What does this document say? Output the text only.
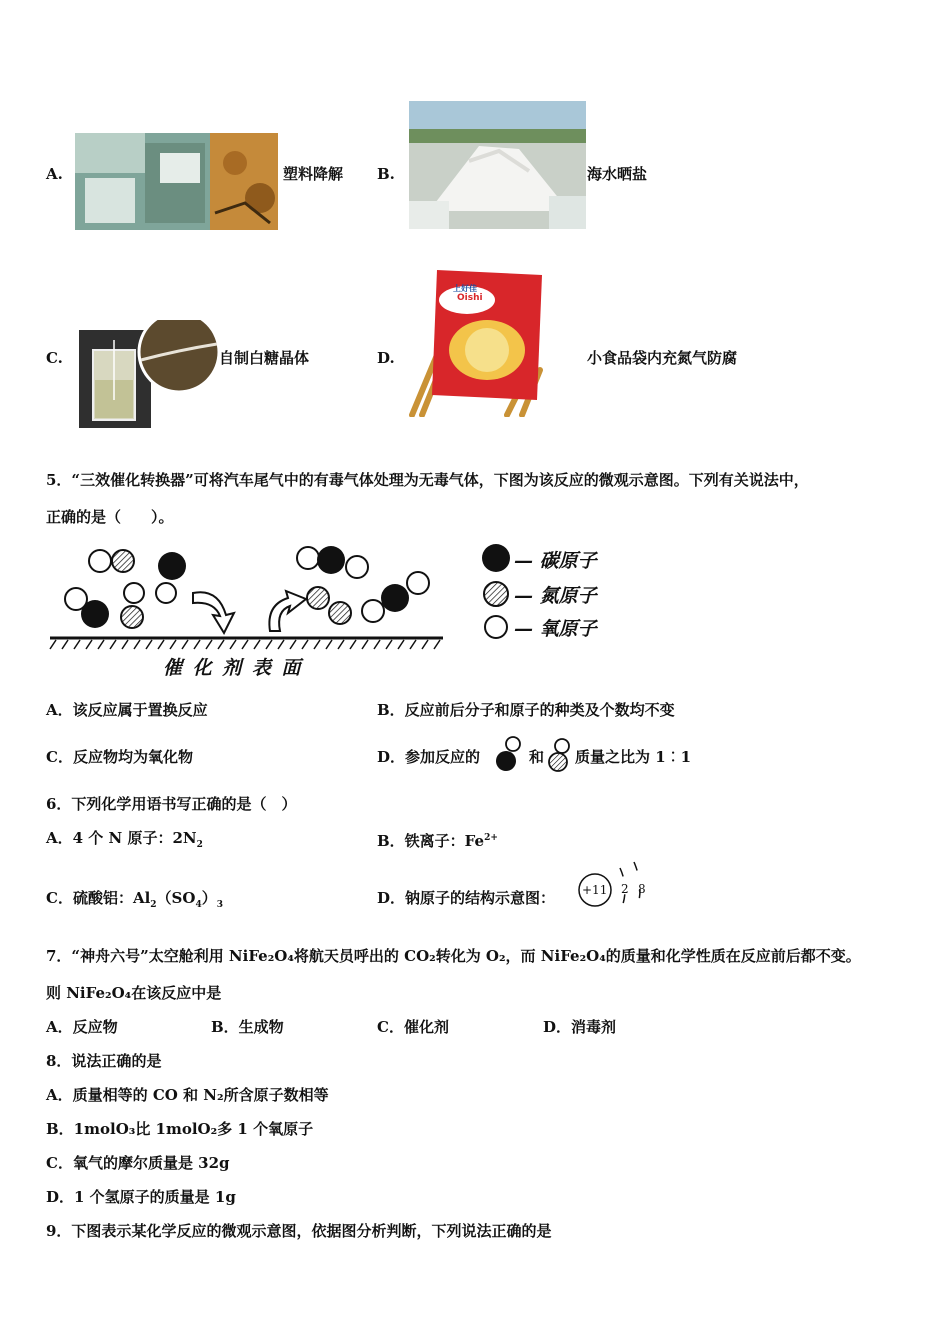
A.	塑料降解 B.	海水晒盐
C.	自制白糖晶体	D.
Oishi
上好佳
小食品袋内充氮气防腐
5．“三效催化转换器”可将汽车尾气中的有毒气体处理为无毒气体，下图为该反应的微观示意图。下列有关说法中，
正确的是（　　）。
催 化 剂 表 面
— 碳原子
— 氮原子
— 氧原子
A．该反应属于置换反应	B．反应前后分子和原子的种类及个数均不变
C．反应物均为氧化物	D．参加反应的	和 质量之比为 1︰1
6．下列化学用语书写正确的是（　）
A．4 个 N 原子：$2N_2$	B．铁离子：$Fe^{2+}$
C．硫酸铝：$Al_2(SO_4)_3$	D．钠原子的结构示意图： +11 2 8
7．“神舟六号”太空舱利用 NiFe₂O₄将航天员呼出的 CO₂转化为 O₂，而 NiFe₂O₄的质量和化学性质在反应前后都不变。
则 NiFe₂O₄在该反应中是
A．反应物	B．生成物	C．催化剂	D．消毒剂
8．说法正确的是
A．质量相等的 CO 和 N₂所含原子数相等
B．1molO₃比 1molO₂多 1 个氧原子
C．氧气的摩尔质量是 32g
D．1 个氢原子的质量是 1g
9．下图表示某化学反应的微观示意图，依据图分析判断，下列说法正确的是
